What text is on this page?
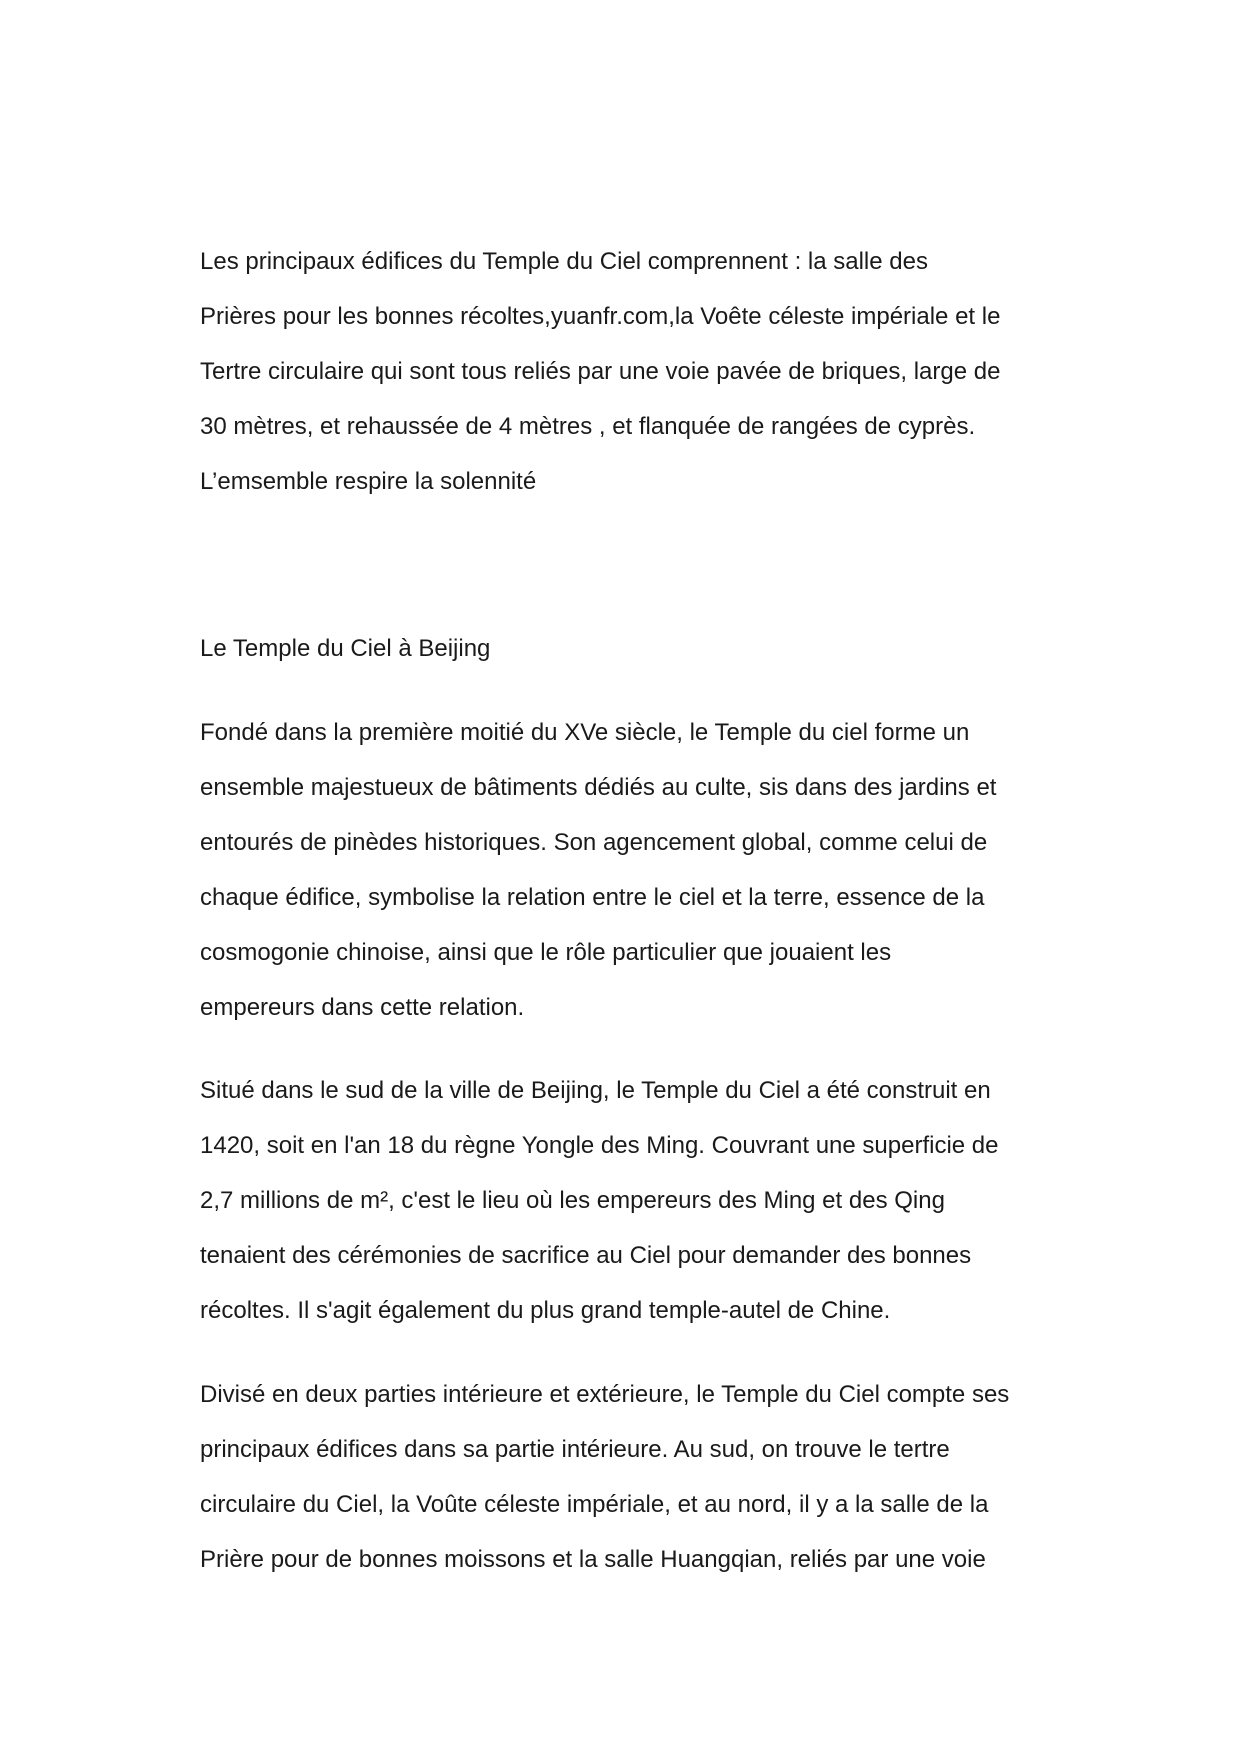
Les principaux édifices du Temple du Ciel comprennent : la salle des

Prières pour les bonnes récoltes,yuanfr.com,la Voête céleste impériale et le

Tertre circulaire qui sont tous reliés par une voie pavée de briques, large de

30 mètres, et rehaussée de 4 mètres , et flanquée de rangées de cyprès.

L’emsemble respire la solennité

Le Temple du Ciel à Beijing

Fondé dans la première moitié du XVe siècle, le Temple du ciel forme un

ensemble majestueux de bâtiments dédiés au culte, sis dans des jardins et

entourés de pinèdes historiques. Son agencement global, comme celui de

chaque édifice, symbolise la relation entre le ciel et la terre, essence de la

cosmogonie chinoise, ainsi que le rôle particulier que jouaient les

empereurs dans cette relation.

Situé dans le sud de la ville de Beijing, le Temple du Ciel a été construit en

1420, soit en l'an 18 du règne Yongle des Ming. Couvrant une superficie de

2,7 millions de m², c'est le lieu où les empereurs des Ming et des Qing

tenaient des cérémonies de sacrifice au Ciel pour demander des bonnes

récoltes. Il s'agit également du plus grand temple-autel de Chine.

Divisé en deux parties intérieure et extérieure, le Temple du Ciel compte ses

principaux édifices dans sa partie intérieure. Au sud, on trouve le tertre

circulaire du Ciel, la Voûte céleste impériale, et au nord, il y a la salle de la

Prière pour de bonnes moissons et la salle Huangqian, reliés par une voie
